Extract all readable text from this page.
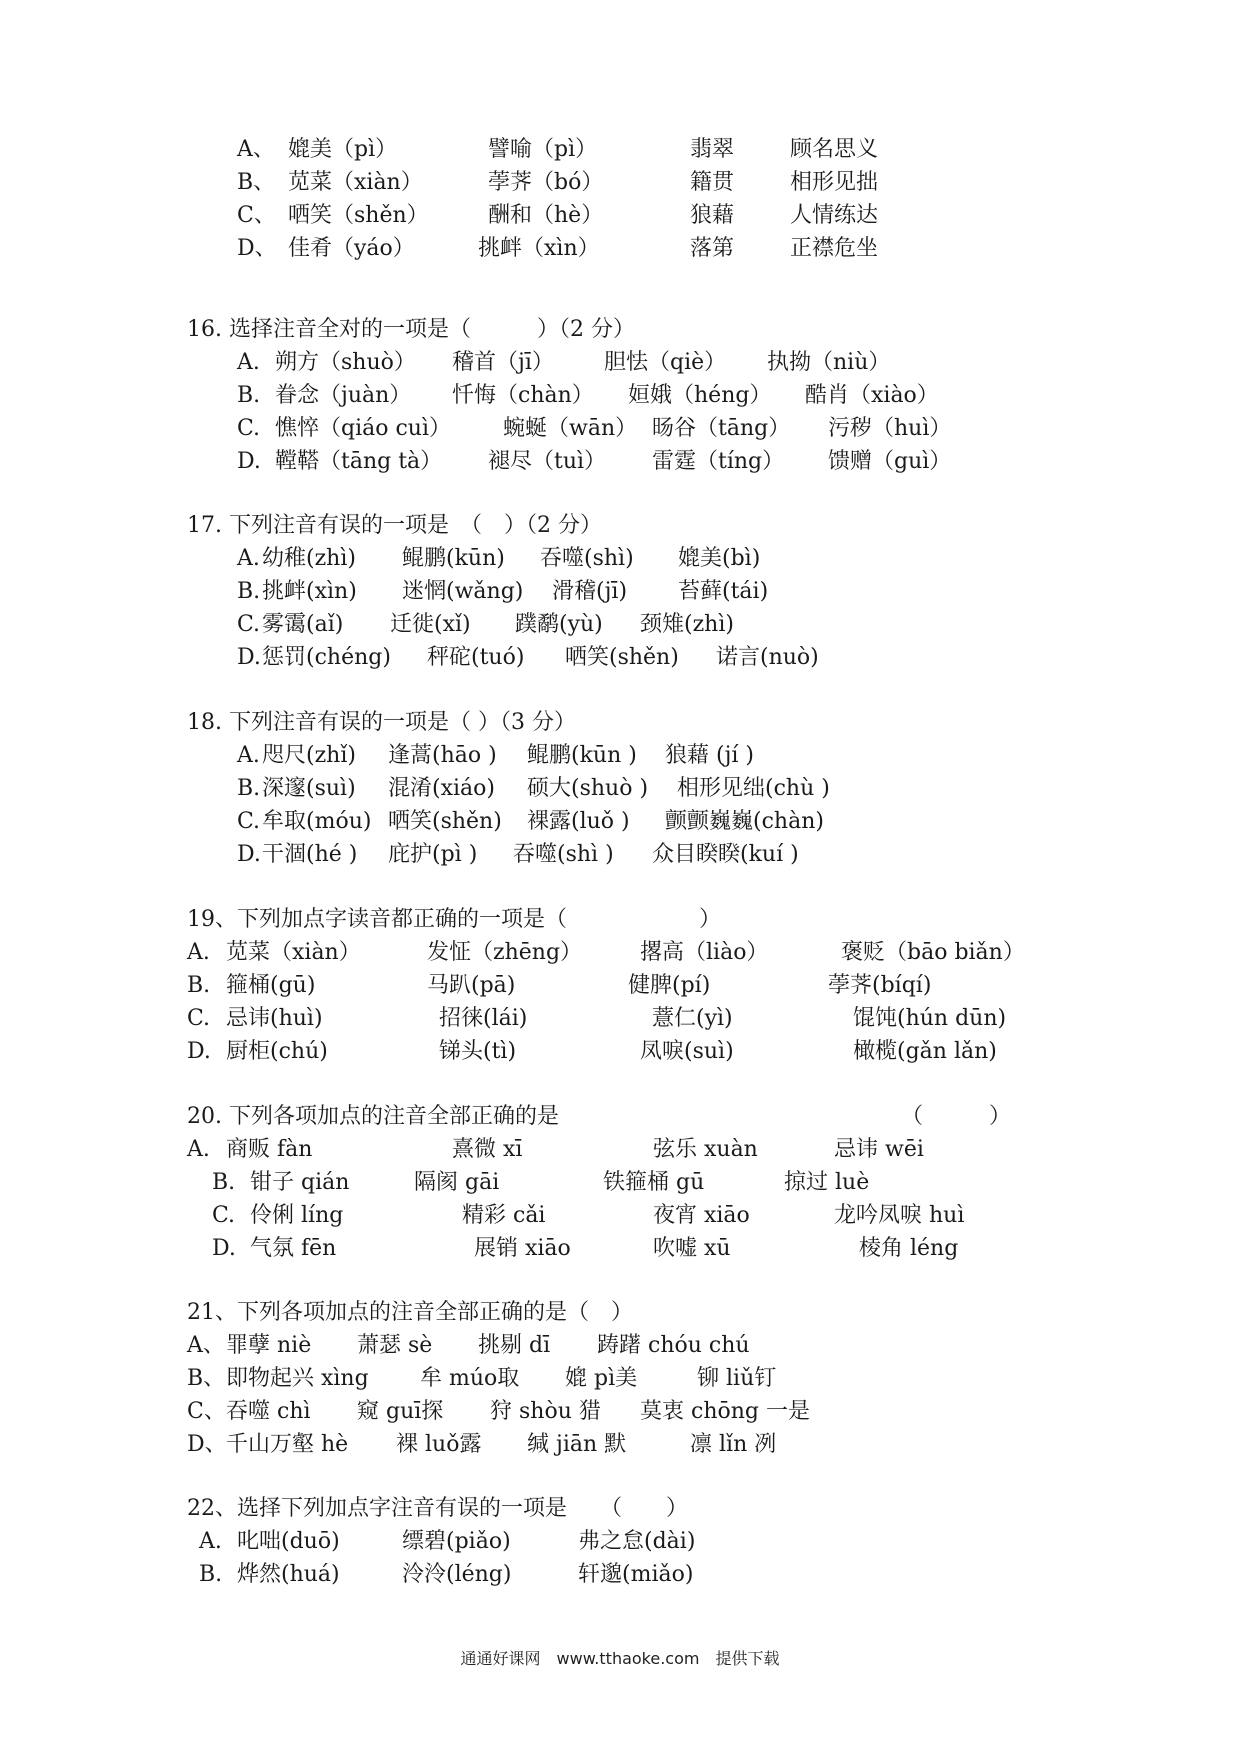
A、 媲美（pì）	譬喻（pì）	翡翠	顾名思义
B、 苋菜（xiàn）	荸荠（bó）	籍贯	相形见拙
C、 哂笑（shěn）	酬和（hè）	狼藉	人情练达
D、 佳肴（yáo）	挑衅（xìn）	落第	正襟危坐
16. 选择注音全对的一项是（　　　）（2 分）
A. 朔方（shuò） 稽首（jī） 胆怯（qiè） 执拗（niù）
B. 眷念（juàn） 忏悔（chàn） 姮娥（héng） 酷肖（xiào）
C. 憔悴（qiáo cuì） 蜿蜒（wān） 旸谷（tāng） 污秽（huì）
D. 鞺鞳（tāng tà） 褪尽（tuì） 雷霆（tíng） 馈赠（guì）
17. 下列注音有误的一项是　（　）（2 分）
A. 幼稚(zhì) 鲲鹏(kūn) 吞噬(shì) 媲美(bì)
B. 挑衅(xìn) 迷惘(wǎng) 滑稽(jī) 苔藓(tái)
C. 雾霭(aǐ) 迁徙(xǐ) 蹼鹬(yù) 颈雉(zhì)
D. 惩罚(chéng) 秤砣(tuó) 哂笑(shěn) 诺言(nuò)
18. 下列注音有误的一项是（ ）（3 分）
A. 咫尺(zhǐ) 逢蒿(hāo ) 鲲鹏(kūn ) 狼藉 (jí )
B. 深邃(suì) 混淆(xiáo) 硕大(shuò ) 相形见绌(chù )
C. 牟取(móu) 哂笑(shěn) 裸露(luǒ ) 颤颤巍巍(chàn)
D. 干涸(hé ) 庇护(pì ) 吞噬(shì ) 众目睽睽(kuí )
19、下列加点字读音都正确的一项是（　　　　　　）
A. 苋菜（xiàn）	发怔（zhēng）	撂高（liào）	褒贬（bāo biǎn）
B. 箍桶(gū)	马趴(pā)	健脾(pí)	荸荠(bíqí)
C. 忌讳(huì)	招徕(lái)	薏仁(yì)	馄饨(hún dūn)
D. 厨柜(chú)	锑头(tì)	凤唳(suì)	橄榄(gǎn lǎn)
20. 下列各项加点的注音全部正确的是	（　　　）
A. 商贩 fàn	熹微 xī	弦乐 xuàn	忌讳 wēi
B. 钳子 qián	隔阂 gāi	铁箍桶 gū	掠过 luè
C. 伶俐 líng	精彩 cǎi	夜宵 xiāo	龙吟凤唳 huì
D. 气氛 fēn	展销 xiāo	吹嘘 xū	棱角 léng
21、下列各项加点的注音全部正确的是（　）
A、 罪孽 niè 萧瑟 sè 挑剔 dī 踌躇 chóu chú
B、 即物起兴 xìng 牟 múo取 媲 pì美	铆 liǔ钉
C、 吞噬 chì 窥 guī探 狩 shòu 猎 莫衷 chōng 一是
D、 千山万壑 hè 裸 luǒ露 缄 jiān 默	凛 lǐn 冽
22、选择下列加点字注音有误的一项是　　（　　）
A. 叱咄(duō)	缥碧(piǎo)	弗之怠(dài)
B. 烨然(huá)	泠泠(léng)	轩邈(miǎo)
通通好课网　www.tthaoke.com　提供下载
